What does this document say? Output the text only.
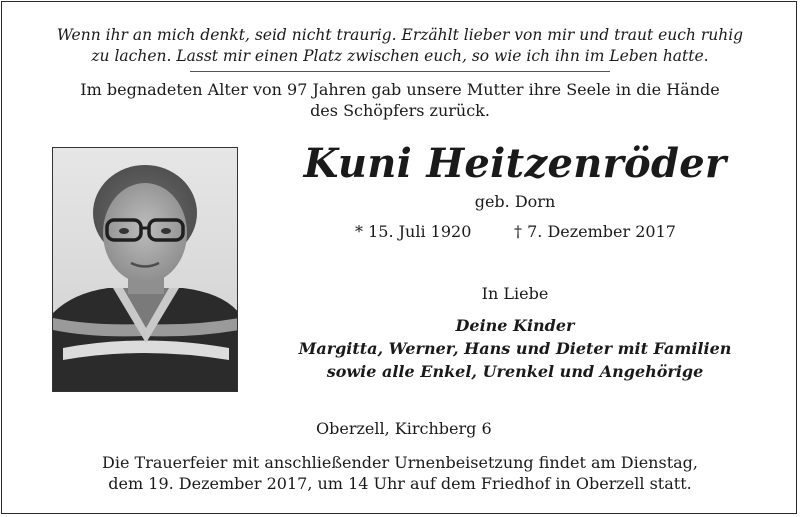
Wenn ihr an mich denkt, seid nicht traurig. Erzählt lieber von mir und traut euch ruhig
zu lachen. Lasst mir einen Platz zwischen euch, so wie ich ihn im Leben hatte.
Im begnadeten Alter von 97 Jahren gab unsere Mutter ihre Seele in die Hände
des Schöpfers zurück.
Kuni Heitzenröder
geb. Dorn
* 15. Juli 1920	† 7. Dezember 2017
In Liebe
Deine Kinder
Margitta, Werner, Hans und Dieter mit Familien
sowie alle Enkel, Urenkel und Angehörige
Oberzell, Kirchberg 6
Die Trauerfeier mit anschließender Urnenbeisetzung findet am Dienstag,
dem 19. Dezember 2017, um 14 Uhr auf dem Friedhof in Oberzell statt.
